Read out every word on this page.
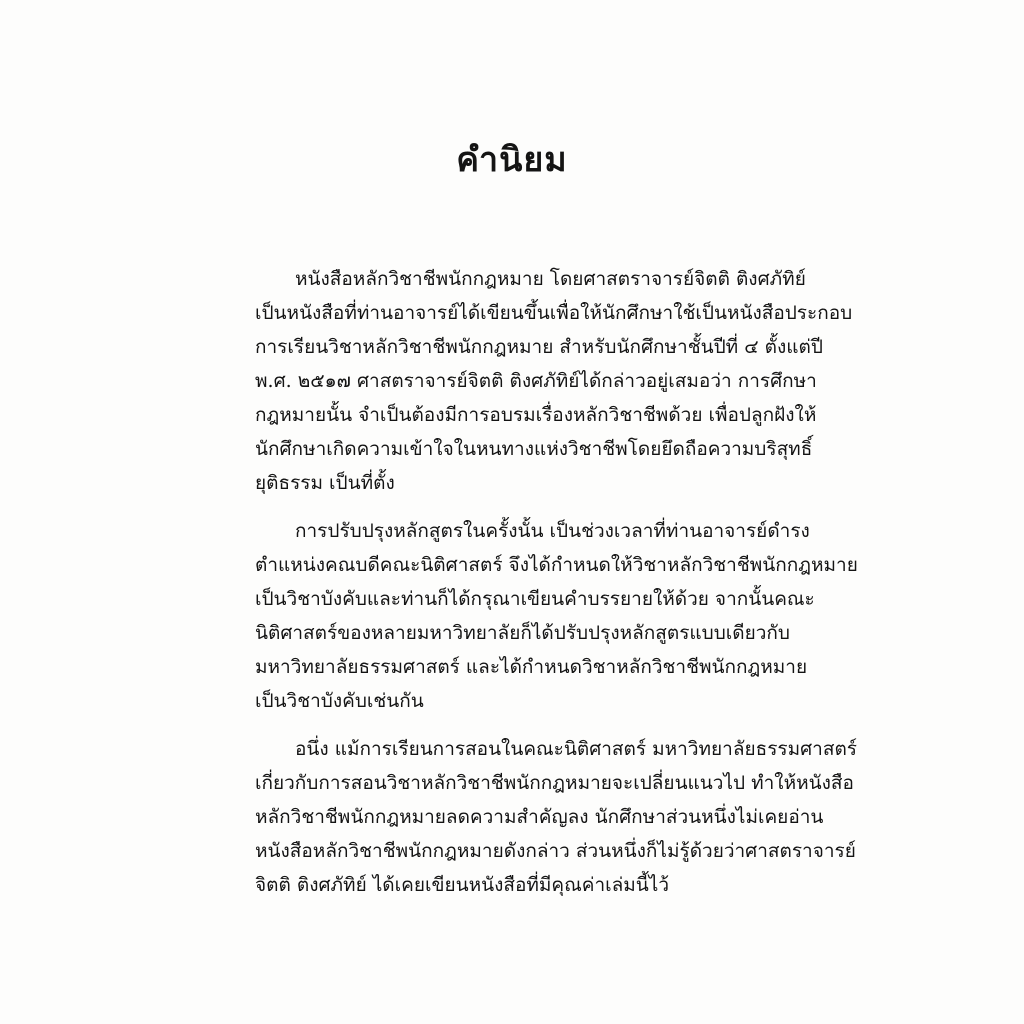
คำนิยม
หนังสือหลักวิชาชีพนักกฎหมาย โดยศาสตราจารย์จิตติ ติงศภัทิย์
เป็นหนังสือที่ท่านอาจารย์ได้เขียนขึ้นเพื่อให้นักศึกษาใช้เป็นหนังสือประกอบ
การเรียนวิชาหลักวิชาชีพนักกฎหมาย สำหรับนักศึกษาชั้นปีที่ ๔ ตั้งแต่ปี
พ.ศ. ๒๕๑๗ ศาสตราจารย์จิตติ ติงศภัทิย์ได้กล่าวอยู่เสมอว่า การศึกษา
กฎหมายนั้น จำเป็นต้องมีการอบรมเรื่องหลักวิชาชีพด้วย เพื่อปลูกฝังให้
นักศึกษาเกิดความเข้าใจในหนทางแห่งวิชาชีพโดยยึดถือความบริสุทธิ์
ยุติธรรม เป็นที่ตั้ง
การปรับปรุงหลักสูตรในครั้งนั้น เป็นช่วงเวลาที่ท่านอาจารย์ดำรง
ตำแหน่งคณบดีคณะนิติศาสตร์ จึงได้กำหนดให้วิชาหลักวิชาชีพนักกฎหมาย
เป็นวิชาบังคับและท่านก็ได้กรุณาเขียนคำบรรยายให้ด้วย จากนั้นคณะ
นิติศาสตร์ของหลายมหาวิทยาลัยก็ได้ปรับปรุงหลักสูตรแบบเดียวกับ
มหาวิทยาลัยธรรมศาสตร์ และได้กำหนดวิชาหลักวิชาชีพนักกฎหมาย
เป็นวิชาบังคับเช่นกัน
อนึ่ง แม้การเรียนการสอนในคณะนิติศาสตร์ มหาวิทยาลัยธรรมศาสตร์
เกี่ยวกับการสอนวิชาหลักวิชาชีพนักกฎหมายจะเปลี่ยนแนวไป ทำให้หนังสือ
หลักวิชาชีพนักกฎหมายลดความสำคัญลง นักศึกษาส่วนหนึ่งไม่เคยอ่าน
หนังสือหลักวิชาชีพนักกฎหมายดังกล่าว ส่วนหนึ่งก็ไม่รู้ด้วยว่าศาสตราจารย์
จิตติ ติงศภัทิย์ ได้เคยเขียนหนังสือที่มีคุณค่าเล่มนี้ไว้
